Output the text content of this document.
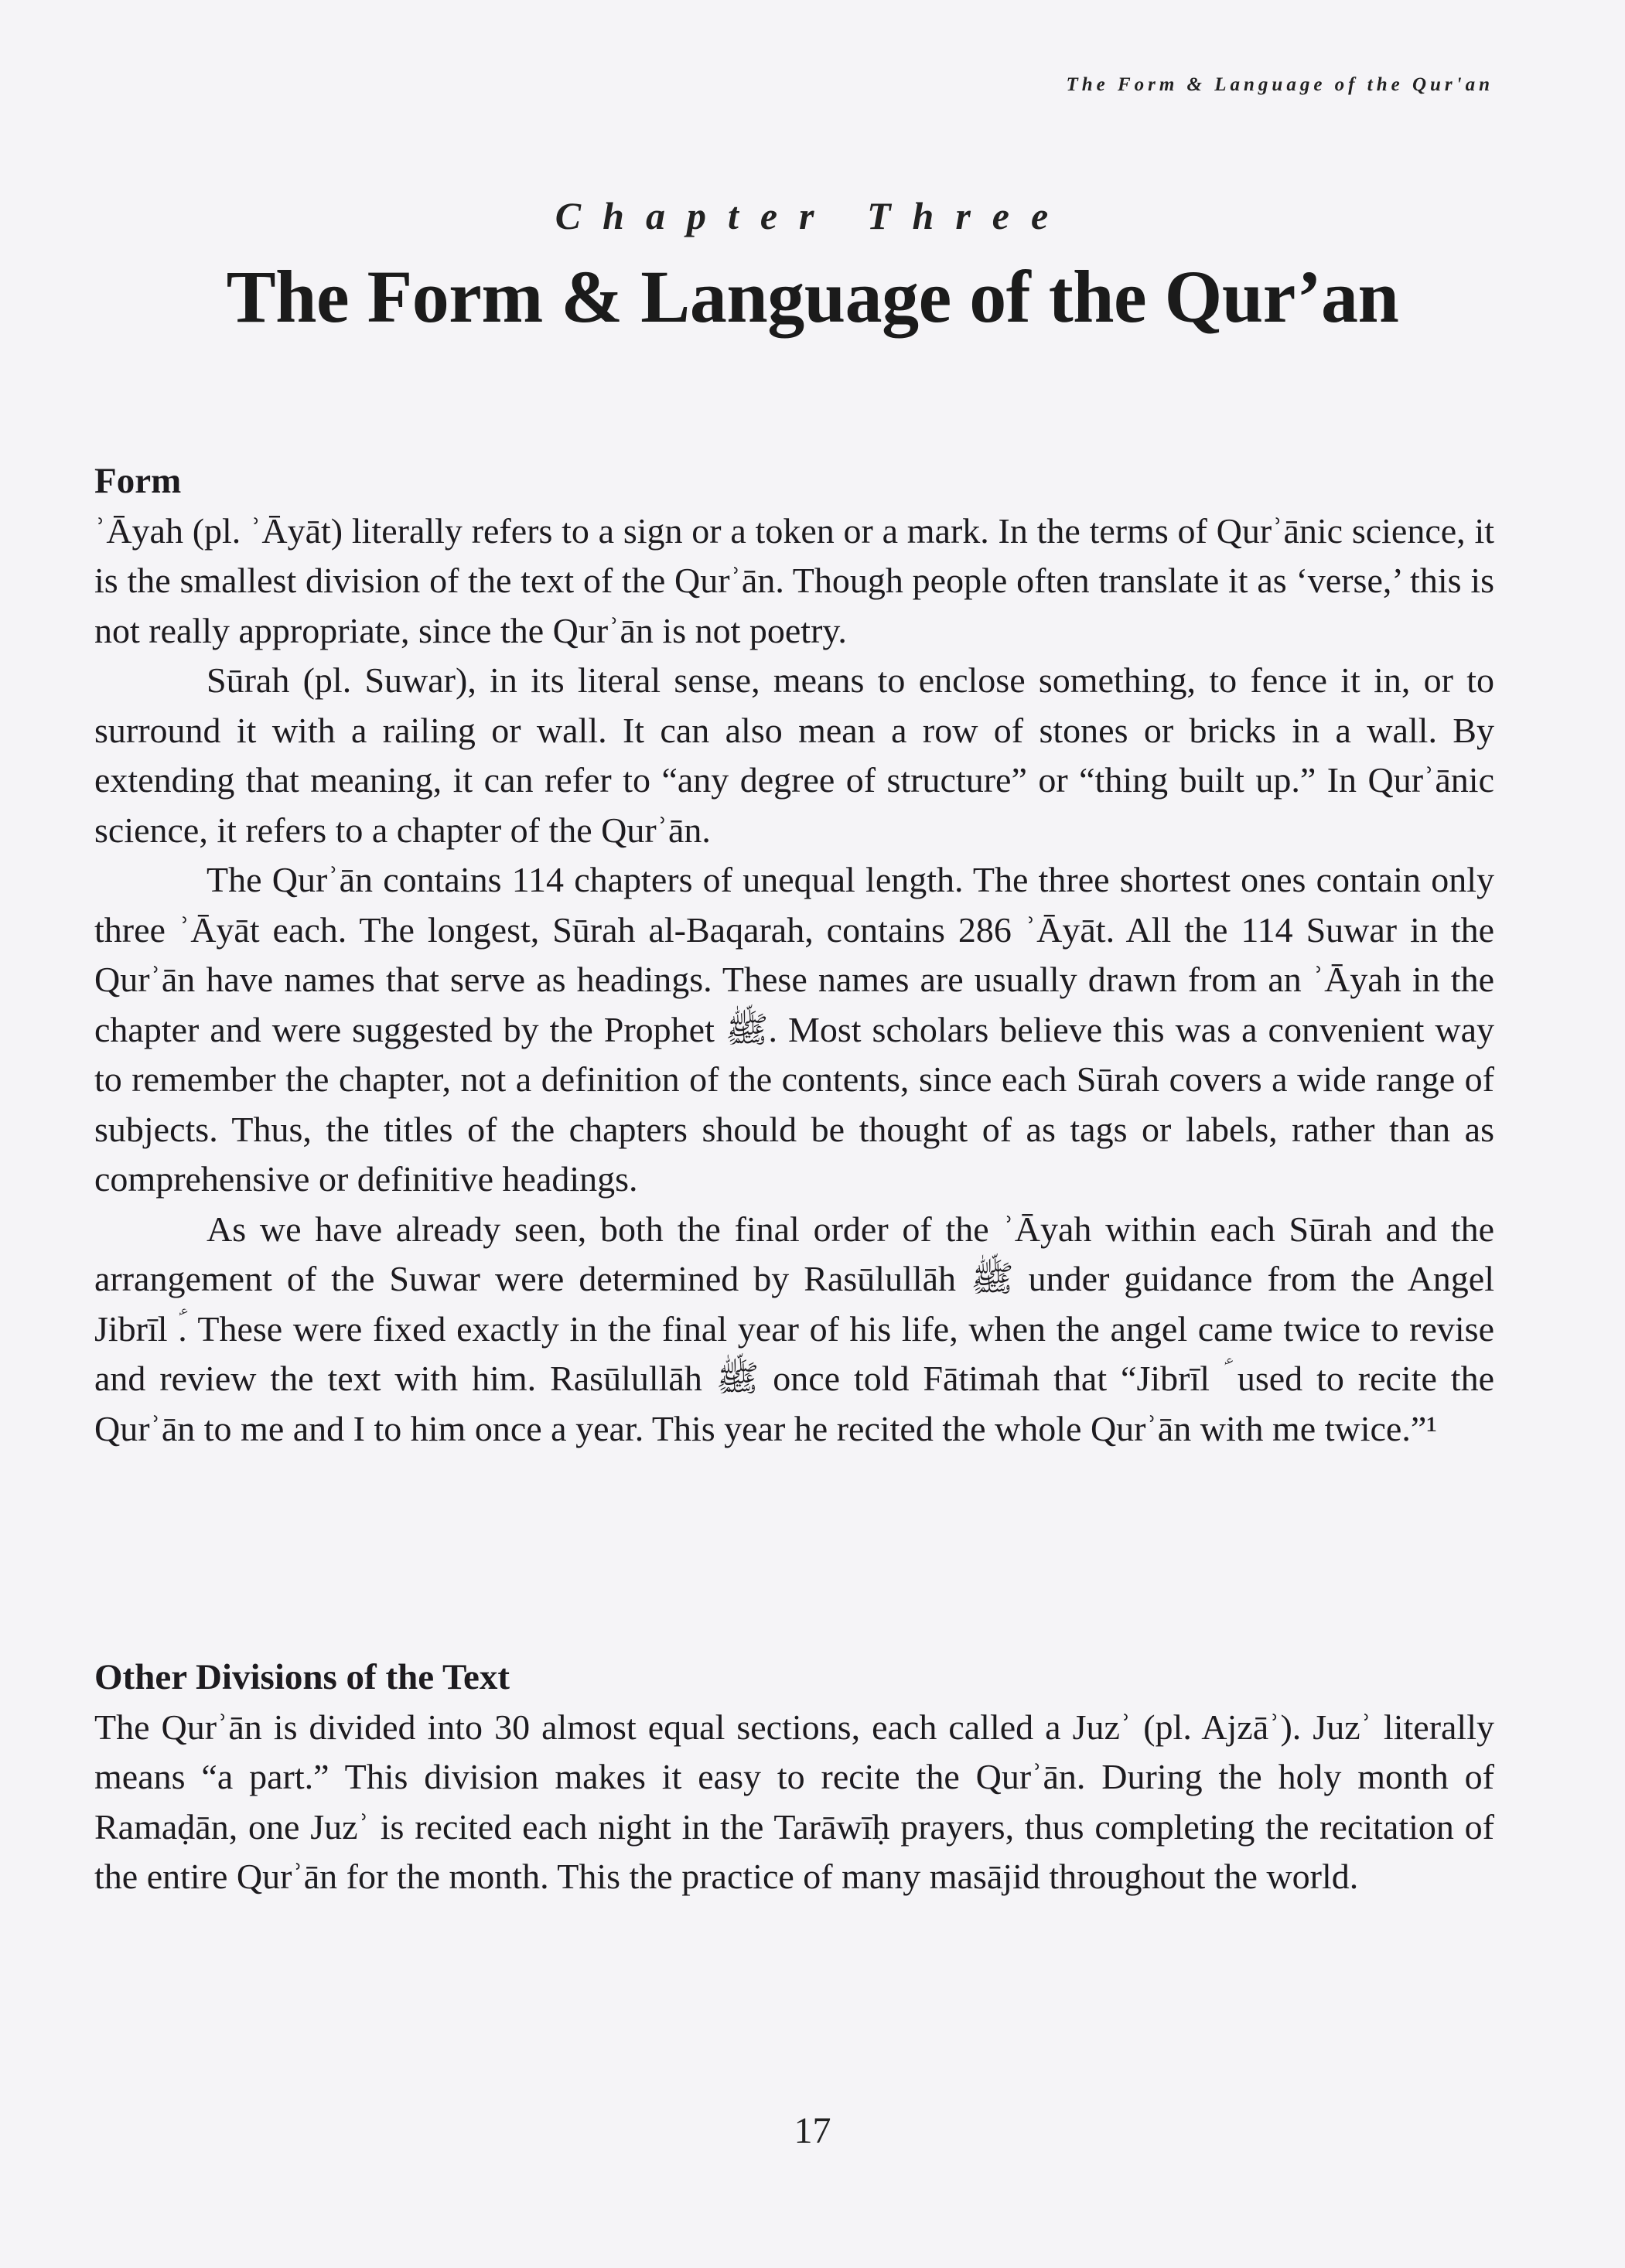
The Form & Language of the Qur'an
Chapter Three
The Form & Language of the Qur’an
Form

ʾĀyah (pl. ʾĀyāt) literally refers to a sign or a token or a mark. In the terms of Qurʾānic science, it is the smallest division of the text of the Qurʾān. Though people often translate it as ‘verse,’ this is not really appropriate, since the Qurʾān is not poetry.

Sūrah (pl. Suwar), in its literal sense, means to enclose something, to fence it in, or to surround it with a railing or wall. It can also mean a row of stones or bricks in a wall. By extending that meaning, it can refer to “any degree of structure” or “thing built up.” In Qurʾānic science, it refers to a chapter of the Qurʾān.

The Qurʾān contains 114 chapters of unequal length. The three shortest ones contain only three ʾĀyāt each. The longest, Sūrah al-Baqarah, contains 286 ʾĀyāt. All the 114 Suwar in the Qurʾān have names that serve as headings. These names are usually drawn from an ʾĀyah in the chapter and were suggested by the Prophet ﷺ. Most scholars believe this was a convenient way to remember the chapter, not a definition of the contents, since each Sūrah covers a wide range of subjects. Thus, the titles of the chapters should be thought of as tags or labels, rather than as comprehensive or definitive headings.

As we have already seen, both the final order of the ʾĀyah within each Sūrah and the arrangement of the Suwar were determined by Rasūlullāh ﷺ under guidance from the Angel Jibrīl ؑ. These were fixed exactly in the final year of his life, when the angel came twice to revise and review the text with him. Rasūlullāh ﷺ once told Fātimah that “Jibrīl ؑ used to recite the Qurʾān to me and I to him once a year. This year he recited the whole Qurʾān with me twice.”¹

Other Divisions of the Text

The Qurʾān is divided into 30 almost equal sections, each called a Juzʾ (pl. Ajzāʾ). Juzʾ literally means “a part.” This division makes it easy to recite the Qurʾān. During the holy month of Ramaḍān, one Juzʾ is recited each night in the Tarāwīḥ prayers, thus completing the recitation of the entire Qurʾān for the month. This the practice of many masājid throughout the world.

17
